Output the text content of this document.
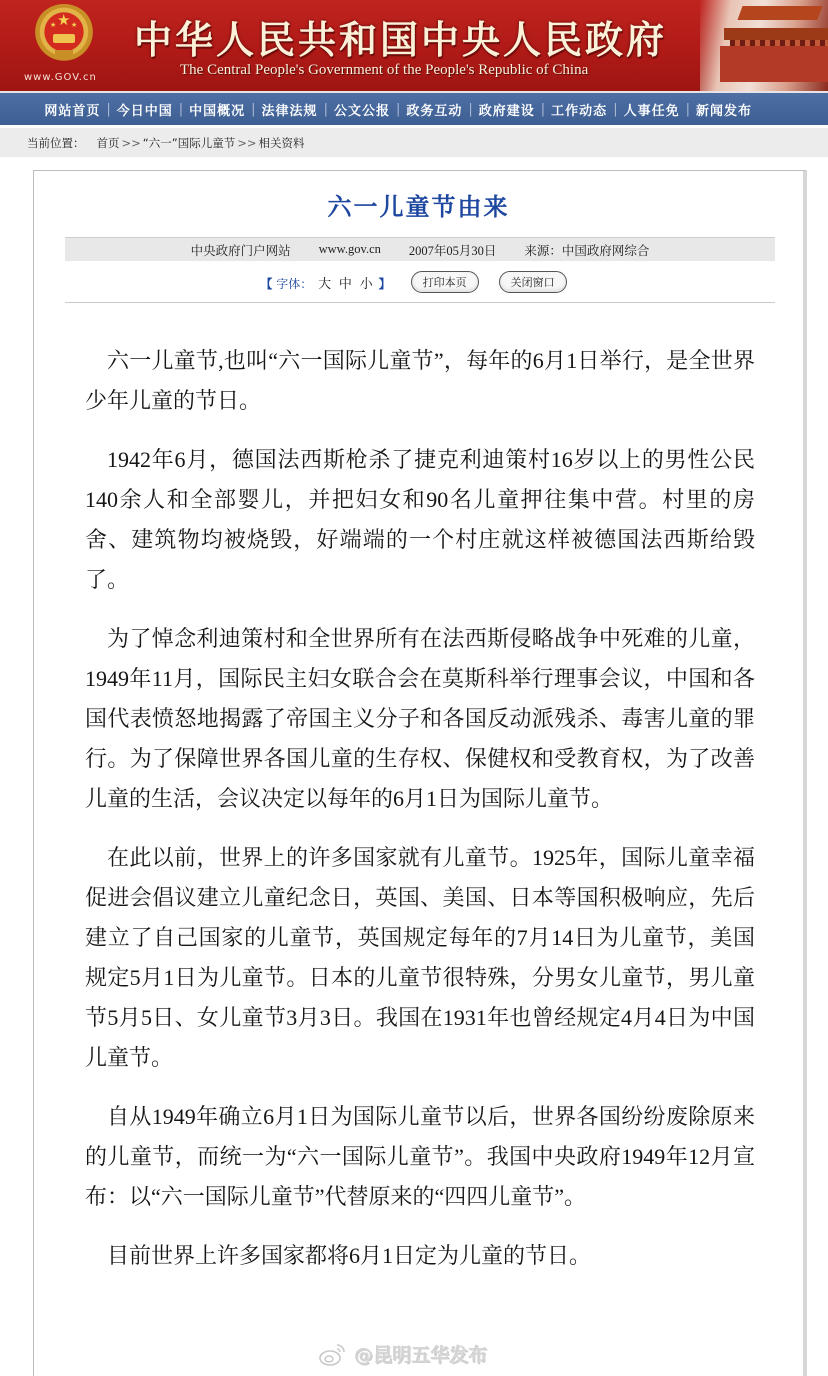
★
★ ★
www.GOV.cn
中华人民共和国中央人民政府
The Central People's Government of the People's Republic of China
网站首页 | 今日中国 | 中国概况 | 法律法规 | 公文公报 | 政务互动 | 政府建设 | 工作动态 | 人事任免 | 新闻发布
当前位置： 首页 >> “六一”国际儿童节 >> 相关资料
六一儿童节由来
中央政府门户网站 www.gov.cn 2007年05月30日 来源：中国政府网综合
【 字体： 大 中 小 】	打印本页	关闭窗口

六一儿童节,也叫“六一国际儿童节”，每年的6月1日举行，是全世界少年儿童的节日。

1942年6月，德国法西斯枪杀了捷克利迪策村16岁以上的男性公民140余人和全部婴儿，并把妇女和90名儿童押往集中营。村里的房舍、建筑物均被烧毁，好端端的一个村庄就这样被德国法西斯给毁了。

为了悼念利迪策村和全世界所有在法西斯侵略战争中死难的儿童，1949年11月，国际民主妇女联合会在莫斯科举行理事会议，中国和各国代表愤怒地揭露了帝国主义分子和各国反动派残杀、毒害儿童的罪行。为了保障世界各国儿童的生存权、保健权和受教育权，为了改善儿童的生活，会议决定以每年的6月1日为国际儿童节。

在此以前，世界上的许多国家就有儿童节。1925年，国际儿童幸福促进会倡议建立儿童纪念日，英国、美国、日本等国积极响应，先后建立了自己国家的儿童节，英国规定每年的7月14日为儿童节，美国规定5月1日为儿童节。日本的儿童节很特殊，分男女儿童节，男儿童节5月5日、女儿童节3月3日。我国在1931年也曾经规定4月4日为中国儿童节。

自从1949年确立6月1日为国际儿童节以后，世界各国纷纷废除原来的儿童节，而统一为“六一国际儿童节”。我国中央政府1949年12月宣布：以“六一国际儿童节”代替原来的“四四儿童节”。

目前世界上许多国家都将6月1日定为儿童的节日。

@昆明五华发布
